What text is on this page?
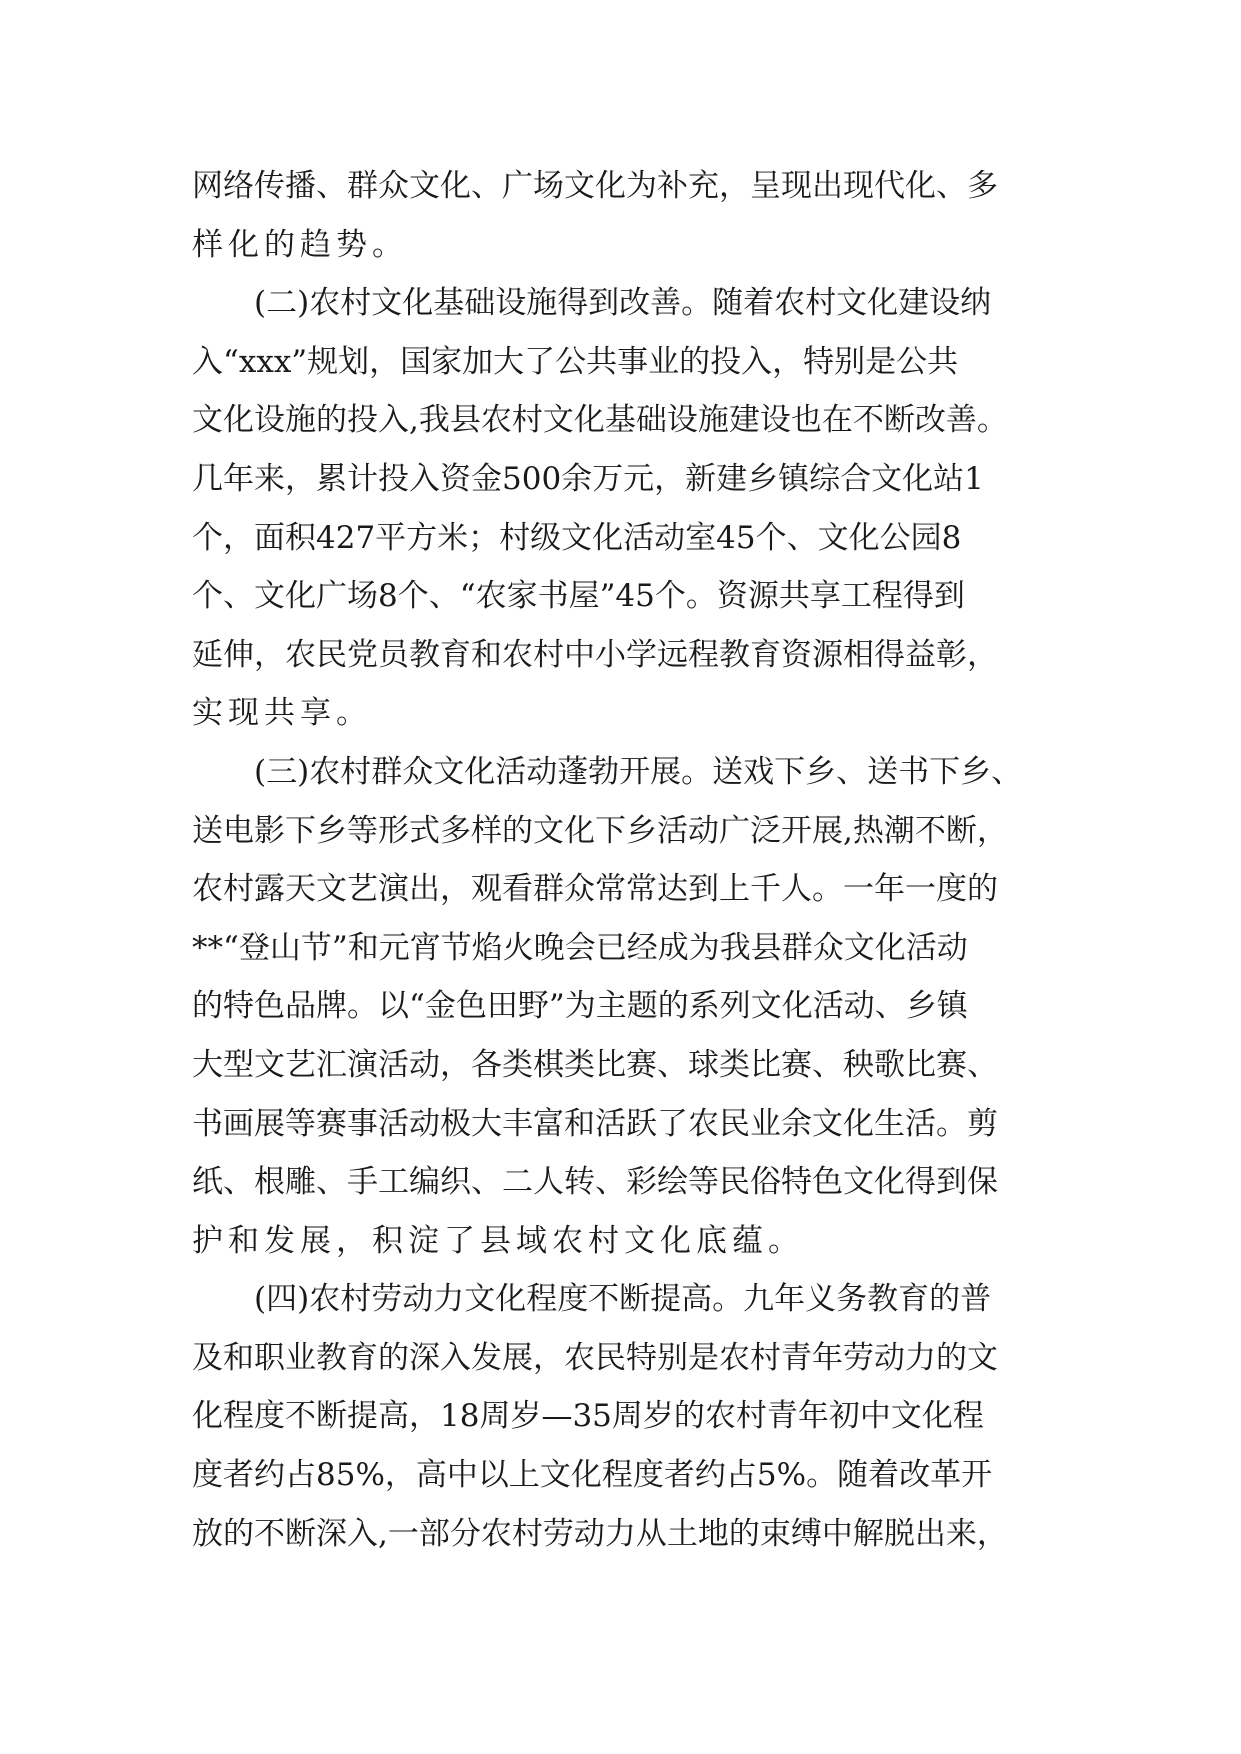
网络传播、群众文化、广场文化为补充，呈现出现代化、多
样化的趋势。
(二)农村文化基础设施得到改善。随着农村文化建设纳
入“xxx”规划，国家加大了公共事业的投入，特别是公共
文化设施的投入,我县农村文化基础设施建设也在不断改善。
几年来，累计投入资金500余万元，新建乡镇综合文化站1
个，面积427平方米；村级文化活动室45个、文化公园8
个、文化广场8个、“农家书屋”45个。资源共享工程得到
延伸，农民党员教育和农村中小学远程教育资源相得益彰，
实现共享。
(三)农村群众文化活动蓬勃开展。送戏下乡、送书下乡、
送电影下乡等形式多样的文化下乡活动广泛开展,热潮不断，
农村露天文艺演出，观看群众常常达到上千人。一年一度的
**“登山节”和元宵节焰火晚会已经成为我县群众文化活动
的特色品牌。以“金色田野”为主题的系列文化活动、乡镇
大型文艺汇演活动，各类棋类比赛、球类比赛、秧歌比赛、
书画展等赛事活动极大丰富和活跃了农民业余文化生活。剪
纸、根雕、手工编织、二人转、彩绘等民俗特色文化得到保
护和发展，积淀了县域农村文化底蕴。
(四)农村劳动力文化程度不断提高。九年义务教育的普
及和职业教育的深入发展，农民特别是农村青年劳动力的文
化程度不断提高，18周岁—35周岁的农村青年初中文化程
度者约占85%，高中以上文化程度者约占5%。随着改革开
放的不断深入,一部分农村劳动力从土地的束缚中解脱出来，
